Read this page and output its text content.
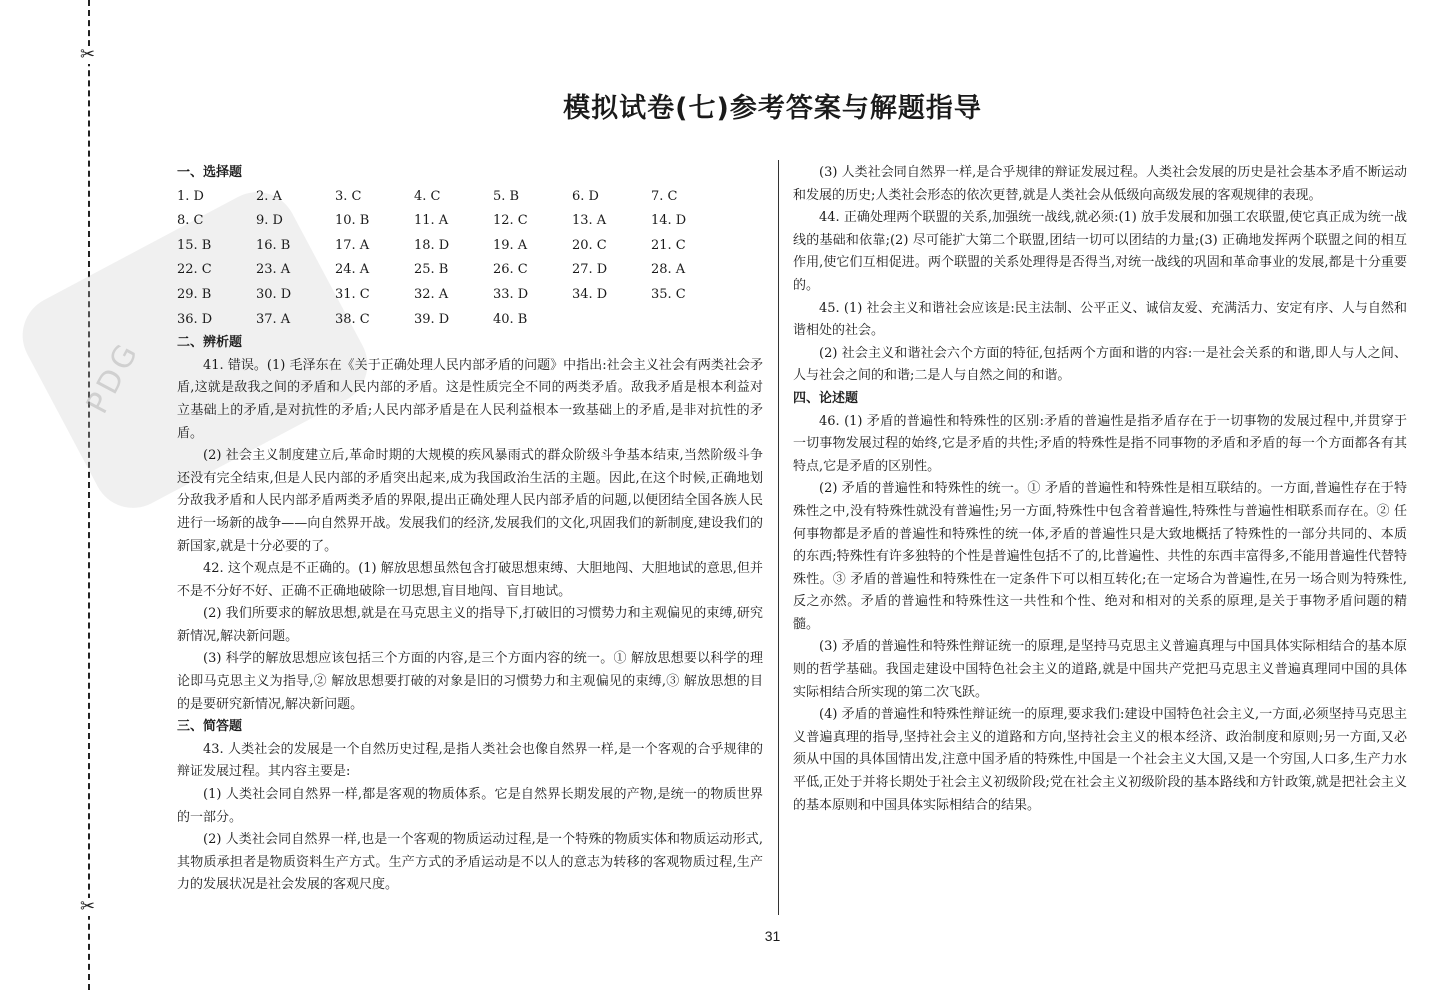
✂
✂
PDG
模拟试卷(七)参考答案与解题指导
一、选择题
1. D	2. A	3. C	4. C	5. B	6. D	7. C
8. C	9. D	10. B	11. A	12. C	13. A	14. D
15. B	16. B	17. A	18. D	19. A	20. C	21. C
22. C	23. A	24. A	25. B	26. C	27. D	28. A
29. B	30. D	31. C	32. A	33. D	34. D	35. C
36. D	37. A	38. C	39. D	40. B
二、辨析题

41. 错误。(1) 毛泽东在《关于正确处理人民内部矛盾的问题》中指出:社会主义社会有两类社会矛盾,这就是敌我之间的矛盾和人民内部的矛盾。这是性质完全不同的两类矛盾。敌我矛盾是根本利益对立基础上的矛盾,是对抗性的矛盾;人民内部矛盾是在人民利益根本一致基础上的矛盾,是非对抗性的矛盾。

(2) 社会主义制度建立后,革命时期的大规模的疾风暴雨式的群众阶级斗争基本结束,当然阶级斗争还没有完全结束,但是人民内部的矛盾突出起来,成为我国政治生活的主题。因此,在这个时候,正确地划分敌我矛盾和人民内部矛盾两类矛盾的界限,提出正确处理人民内部矛盾的问题,以便团结全国各族人民进行一场新的战争——向自然界开战。发展我们的经济,发展我们的文化,巩固我们的新制度,建设我们的新国家,就是十分必要的了。

42. 这个观点是不正确的。(1) 解放思想虽然包含打破思想束缚、大胆地闯、大胆地试的意思,但并不是不分好不好、正确不正确地破除一切思想,盲目地闯、盲目地试。

(2) 我们所要求的解放思想,就是在马克思主义的指导下,打破旧的习惯势力和主观偏见的束缚,研究新情况,解决新问题。

(3) 科学的解放思想应该包括三个方面的内容,是三个方面内容的统一。① 解放思想要以科学的理论即马克思主义为指导,② 解放思想要打破的对象是旧的习惯势力和主观偏见的束缚,③ 解放思想的目的是要研究新情况,解决新问题。

三、简答题

43. 人类社会的发展是一个自然历史过程,是指人类社会也像自然界一样,是一个客观的合乎规律的辩证发展过程。其内容主要是:

(1) 人类社会同自然界一样,都是客观的物质体系。它是自然界长期发展的产物,是统一的物质世界的一部分。

(2) 人类社会同自然界一样,也是一个客观的物质运动过程,是一个特殊的物质实体和物质运动形式,其物质承担者是物质资料生产方式。生产方式的矛盾运动是不以人的意志为转移的客观物质过程,生产力的发展状况是社会发展的客观尺度。

(3) 人类社会同自然界一样,是合乎规律的辩证发展过程。人类社会发展的历史是社会基本矛盾不断运动和发展的历史;人类社会形态的依次更替,就是人类社会从低级向高级发展的客观规律的表现。

44. 正确处理两个联盟的关系,加强统一战线,就必须:(1) 放手发展和加强工农联盟,使它真正成为统一战线的基础和依靠;(2) 尽可能扩大第二个联盟,团结一切可以团结的力量;(3) 正确地发挥两个联盟之间的相互作用,使它们互相促进。两个联盟的关系处理得是否得当,对统一战线的巩固和革命事业的发展,都是十分重要的。

45. (1) 社会主义和谐社会应该是:民主法制、公平正义、诚信友爱、充满活力、安定有序、人与自然和谐相处的社会。

(2) 社会主义和谐社会六个方面的特征,包括两个方面和谐的内容:一是社会关系的和谐,即人与人之间、人与社会之间的和谐;二是人与自然之间的和谐。

四、论述题

46. (1) 矛盾的普遍性和特殊性的区别:矛盾的普遍性是指矛盾存在于一切事物的发展过程中,并贯穿于一切事物发展过程的始终,它是矛盾的共性;矛盾的特殊性是指不同事物的矛盾和矛盾的每一个方面都各有其特点,它是矛盾的区别性。

(2) 矛盾的普遍性和特殊性的统一。① 矛盾的普遍性和特殊性是相互联结的。一方面,普遍性存在于特殊性之中,没有特殊性就没有普遍性;另一方面,特殊性中包含着普遍性,特殊性与普遍性相联系而存在。② 任何事物都是矛盾的普遍性和特殊性的统一体,矛盾的普遍性只是大致地概括了特殊性的一部分共同的、本质的东西;特殊性有许多独特的个性是普遍性包括不了的,比普遍性、共性的东西丰富得多,不能用普遍性代替特殊性。③ 矛盾的普遍性和特殊性在一定条件下可以相互转化;在一定场合为普遍性,在另一场合则为特殊性,反之亦然。矛盾的普遍性和特殊性这一共性和个性、绝对和相对的关系的原理,是关于事物矛盾问题的精髓。

(3) 矛盾的普遍性和特殊性辩证统一的原理,是坚持马克思主义普遍真理与中国具体实际相结合的基本原则的哲学基础。我国走建设中国特色社会主义的道路,就是中国共产党把马克思主义普遍真理同中国的具体实际相结合所实现的第二次飞跃。

(4) 矛盾的普遍性和特殊性辩证统一的原理,要求我们:建设中国特色社会主义,一方面,必须坚持马克思主义普遍真理的指导,坚持社会主义的道路和方向,坚持社会主义的根本经济、政治制度和原则;另一方面,又必须从中国的具体国情出发,注意中国矛盾的特殊性,中国是一个社会主义大国,又是一个穷国,人口多,生产力水平低,正处于并将长期处于社会主义初级阶段;党在社会主义初级阶段的基本路线和方针政策,就是把社会主义的基本原则和中国具体实际相结合的结果。

31
